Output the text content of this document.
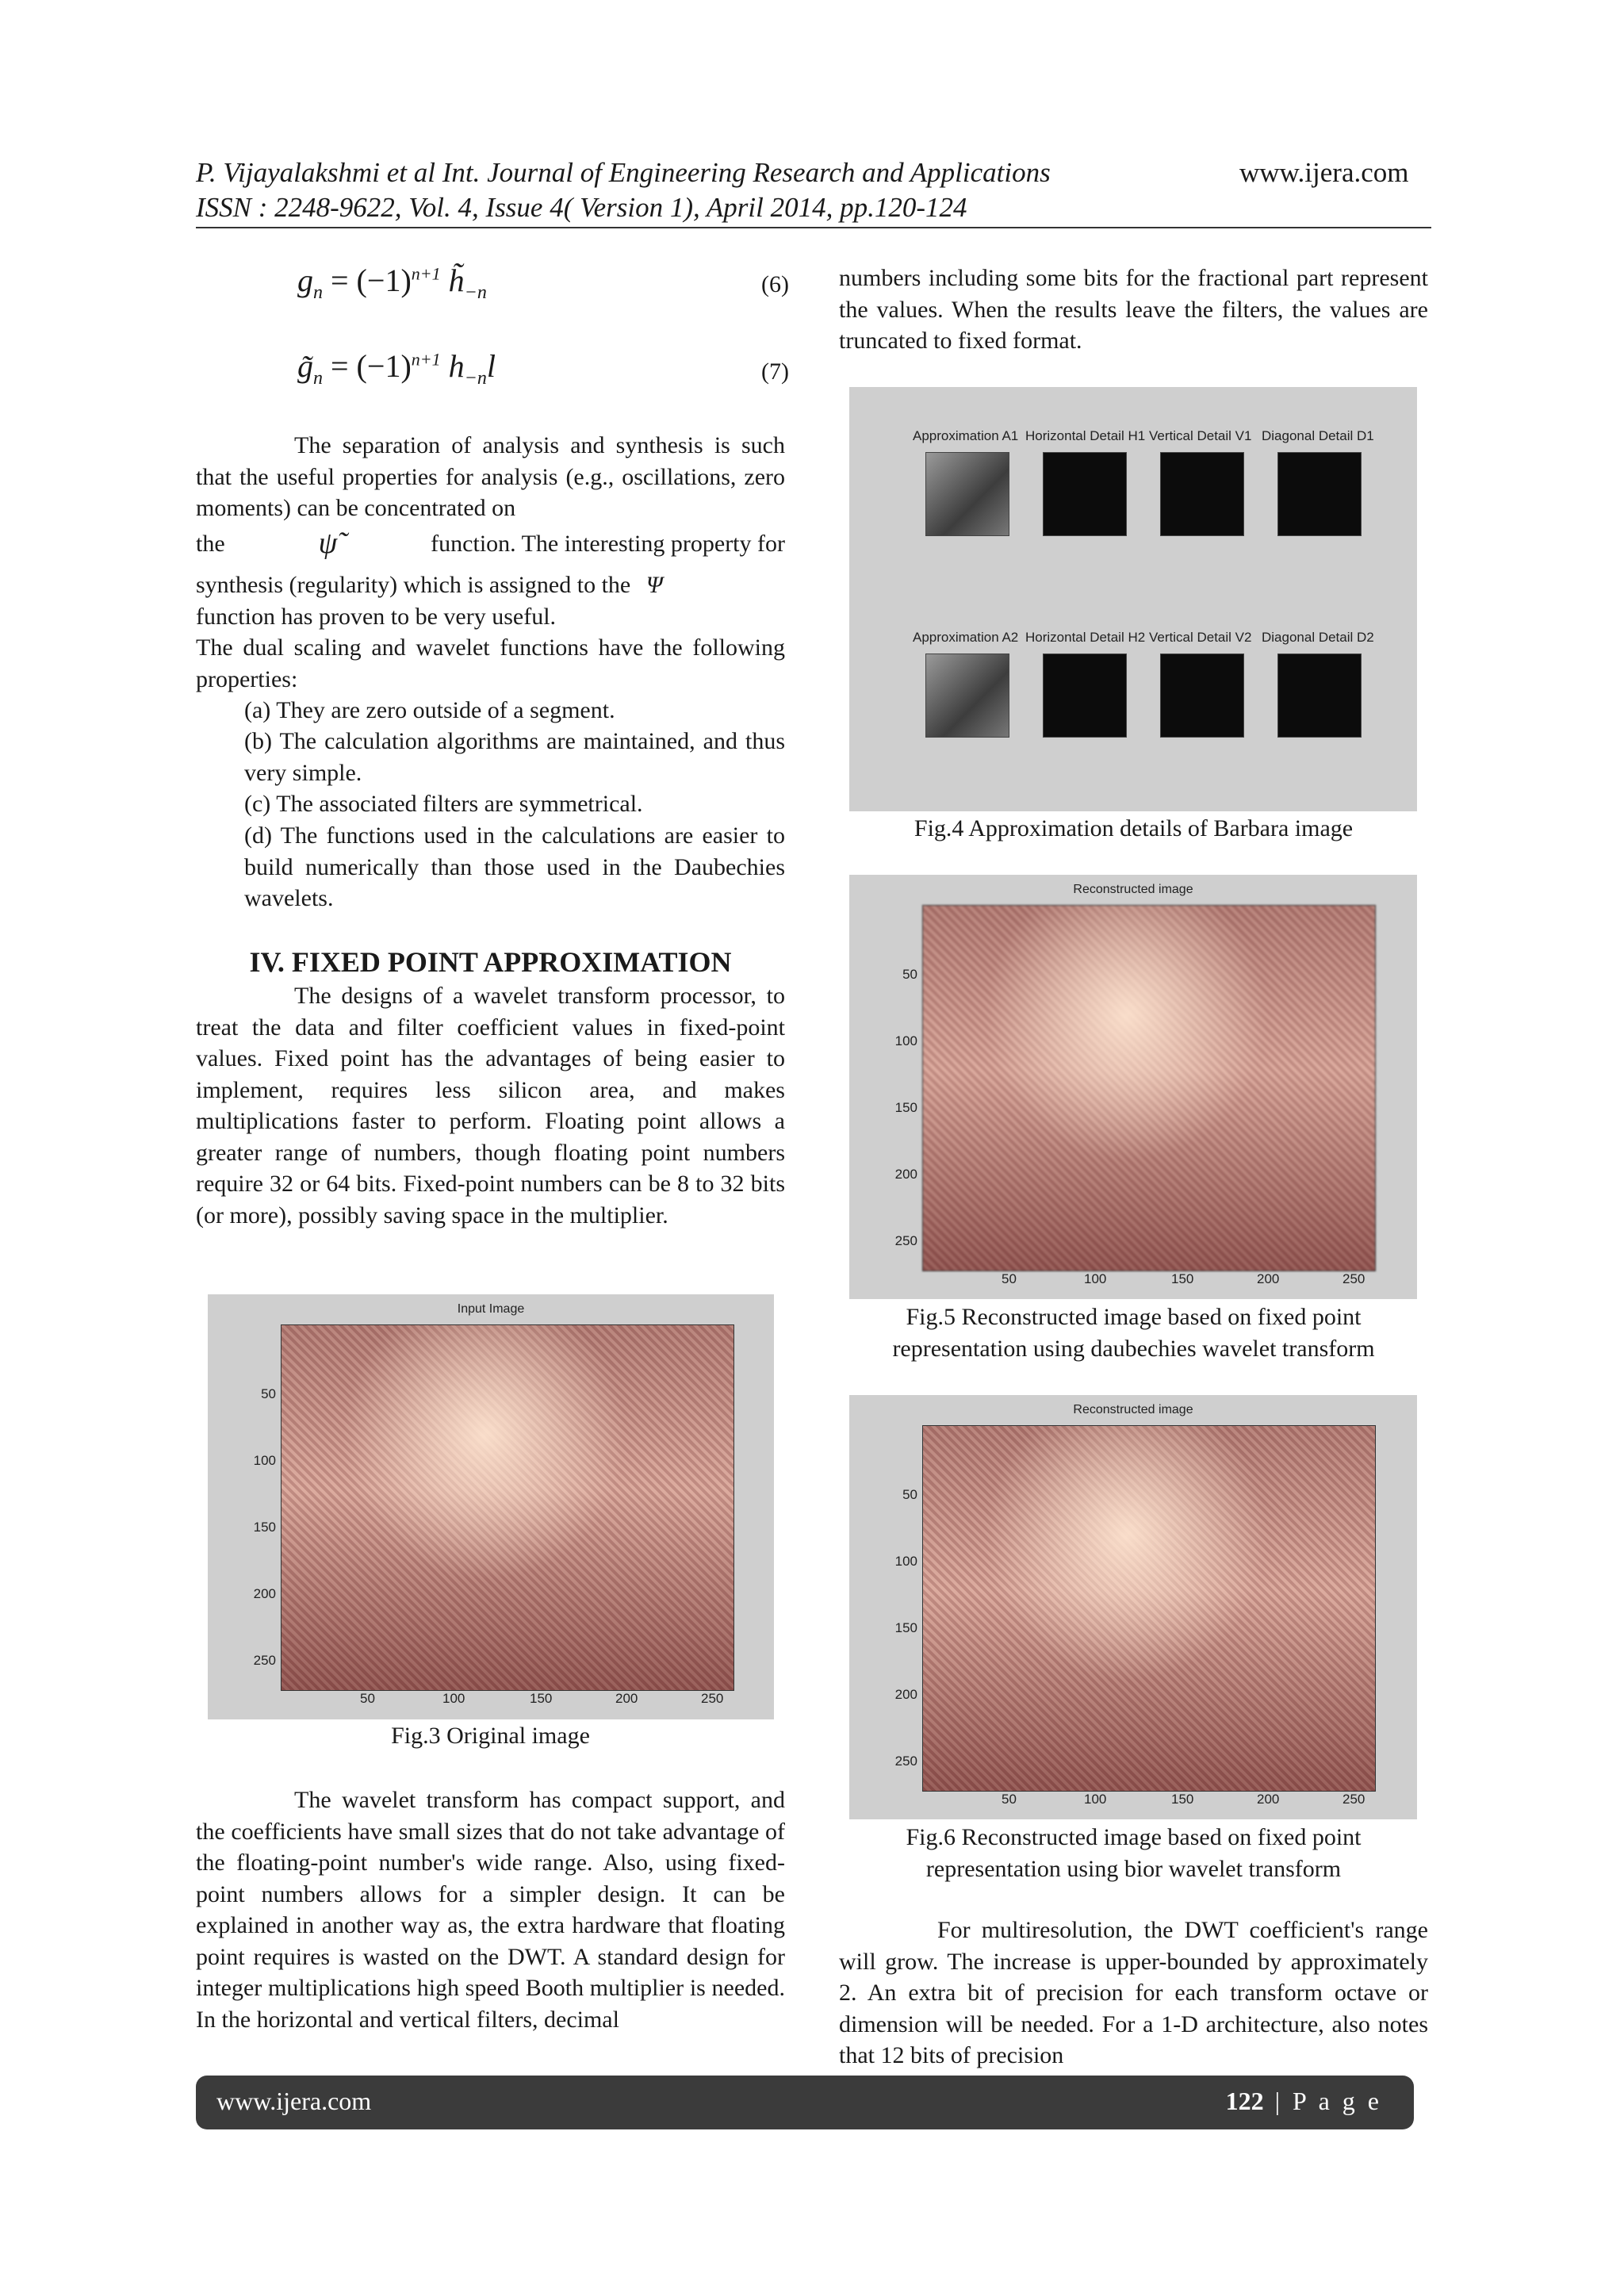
P. Vijayalakshmi et al Int. Journal of Engineering Research and Applications	www.ijera.com
ISSN : 2248-9622, Vol. 4, Issue 4( Version 1), April 2014, pp.120-124
$g_n = (-1)^{n+1}$ $h̃_{-n}$	(6)
$g̃_n = (-1)^{n+1}$ $h_{-n}l$	(7)
The separation of analysis and synthesis is such that the useful properties for analysis (e.g., oscillations, zero moments) can be concentrated on
the	ψ̃	function. The interesting property for
synthesis (regularity) which is assigned to the Ψ
function has proven to be very useful.
The dual scaling and wavelet functions have the following properties:
(a) They are zero outside of a segment.
(b) The calculation algorithms are maintained, and thus very simple.
(c) The associated filters are symmetrical.
(d) The functions used in the calculations are easier to build numerically than those used in the Daubechies wavelets.
IV. FIXED POINT APPROXIMATION
The designs of a wavelet transform processor, to treat the data and filter coefficient values in fixed-point values. Fixed point has the advantages of being easier to implement, requires less silicon area, and makes multiplications faster to perform. Floating point allows a greater range of numbers, though floating point numbers require 32 or 64 bits. Fixed-point numbers can be 8 to 32 bits (or more), possibly saving space in the multiplier.
Input Image
50
100
150
200
250
50	100	150	200	250
Fig.3 Original image
The wavelet transform has compact support, and the coefficients have small sizes that do not take advantage of the floating-point number's wide range. Also, using fixed-point numbers allows for a simpler design. It can be explained in another way as, the extra hardware that floating point requires is wasted on the DWT. A standard design for integer multiplications high speed Booth multiplier is needed. In the horizontal and vertical filters, decimal
numbers including some bits for the fractional part represent the values. When the results leave the filters, the values are truncated to fixed format.
Approximation A1 Horizontal Detail H1 Vertical Detail V1 Diagonal Detail D1
Approximation A2 Horizontal Detail H2 Vertical Detail V2 Diagonal Detail D2
Fig.4 Approximation details of Barbara image
Reconstructed image
50
100
150
200
250
50	100	150	200	250
Fig.5 Reconstructed image based on fixed point
representation using daubechies wavelet transform
Reconstructed image
50
100
150
200
250
50	100	150	200	250
Fig.6 Reconstructed image based on fixed point
representation using bior wavelet transform
For multiresolution, the DWT coefficient's range will grow. The increase is upper-bounded by approximately 2. An extra bit of precision for each transform octave or dimension will be needed. For a 1-D architecture, also notes that 12 bits of precision
www.ijera.com	122 | P a g e
